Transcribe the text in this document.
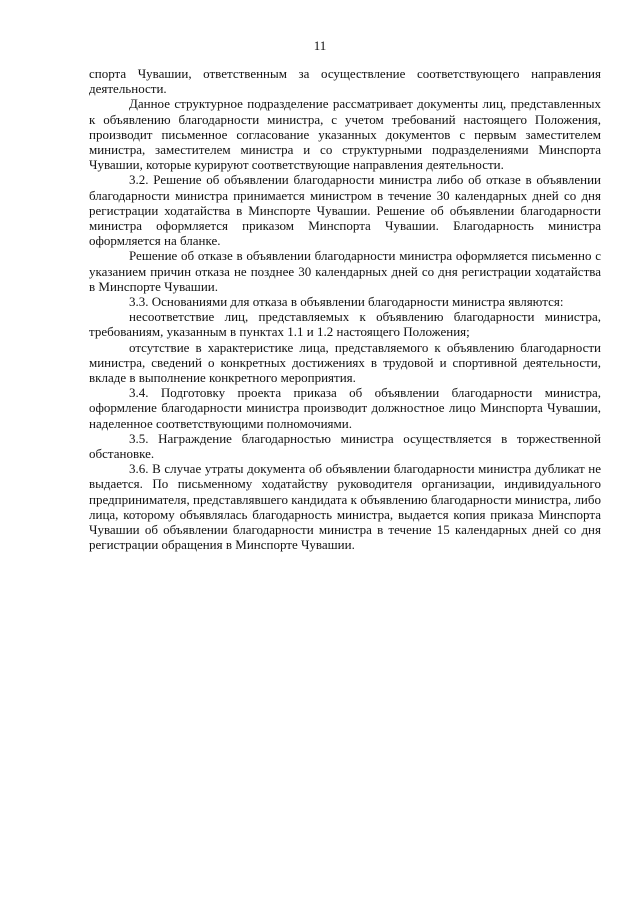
11

спорта Чувашии, ответственным за осуществление соответствующего направления деятельности.

Данное структурное подразделение рассматривает документы лиц, представленных к объявлению благодарности министра, с учетом требований настоящего Положения, производит письменное согласование указанных документов с первым заместителем министра, заместителем министра и со структурными подразделениями Минспорта Чувашии, которые курируют соответствующие направления деятельности.

3.2. Решение об объявлении благодарности министра либо об отказе в объявлении благодарности министра принимается министром в течение 30 календарных дней со дня регистрации ходатайства в Минспорте Чувашии. Решение об объявлении благодарности министра оформляется приказом Минспорта Чувашии. Благодарность министра оформляется на бланке.

Решение об отказе в объявлении благодарности министра оформляется письменно с указанием причин отказа не позднее 30 календарных дней со дня регистрации ходатайства в Минспорте Чувашии.

3.3. Основаниями для отказа в объявлении благодарности министра являются:

несоответствие лиц, представляемых к объявлению благодарности министра, требованиям, указанным в пунктах 1.1 и 1.2 настоящего Положения;

отсутствие в характеристике лица, представляемого к объявлению благодарности министра, сведений о конкретных достижениях в трудовой и спортивной деятельности, вкладе в выполнение конкретного мероприятия.

3.4. Подготовку проекта приказа об объявлении благодарности министра, оформление благодарности министра производит должностное лицо Минспорта Чувашии, наделенное соответствующими полномочиями.

3.5. Награждение благодарностью министра осуществляется в торжественной обстановке.

3.6. В случае утраты документа об объявлении благодарности министра дубликат не выдается. По письменному ходатайству руководителя организации, индивидуального предпринимателя, представлявшего кандидата к объявлению благодарности министра, либо лица, которому объявлялась благодарность министра, выдается копия приказа Минспорта Чувашии об объявлении благодарности министра в течение 15 календарных дней со дня регистрации обращения в Минспорте Чувашии.
